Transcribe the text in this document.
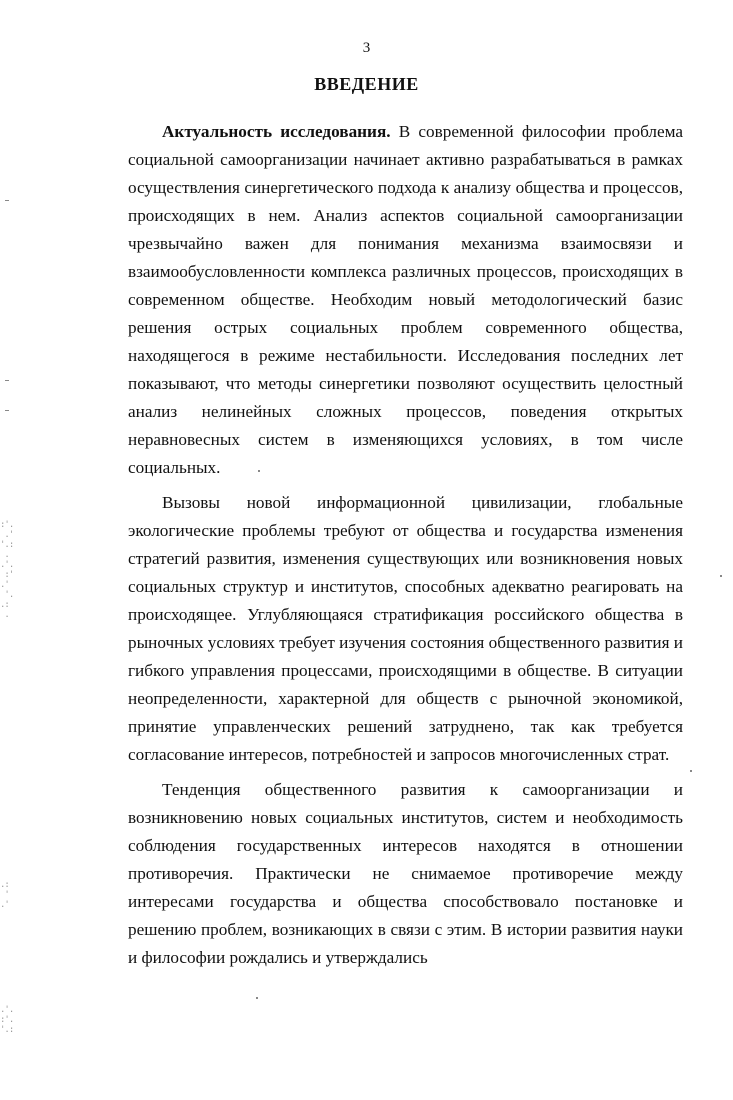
3
ВВЕДЕНИЕ

Актуальность исследования. В современной философии проблема социальной самоорганизации начинает активно разрабатываться в рамках осуществления синергетического подхода к анализу общества и процессов, происходящих в нем. Анализ аспектов социальной самоорганизации чрезвычайно важен для понимания механизма взаимосвязи и взаимообусловленности комплекса различных процессов, происходящих в современном обществе. Необходим новый методологический базис решения острых социальных проблем современного общества, находящегося в режиме нестабильности. Исследования последних лет показывают, что методы синергетики позволяют осуществить целостный анализ нелинейных сложных процессов, поведения открытых неравновесных систем в изменяющихся условиях, в том числе социальных.

Вызовы новой информационной цивилизации, глобальные экологические проблемы требуют от общества и государства изменения стратегий развития, изменения существующих или возникновения новых социальных структур и институтов, способных адекватно реагировать на происходящее. Углубляющаяся стратификация российского общества в рыночных условиях требует изучения состояния общественного развития и гибкого управления процессами, происходящими в обществе. В ситуации неопределенности, характерной для обществ с рыночной экономикой, принятие управленческих решений затруднено, так как требуется согласование интересов, потребностей и запросов многочисленных страт.

Тенденция общественного развития к самоорганизации и возникновению новых социальных институтов, систем и необходимость соблюдения государственных интересов находятся в отношении противоречия. Практически не снимаемое противоречие между интересами государства и общества способствовало постановке и решению проблем, возникающих в связи с этим. В истории развития науки и философии рождались и утверждались

:'.
.'
'.:
.
.'.
:'
.'
'.
.:
.

.:
'
.'

.'.
:'.
'.:
